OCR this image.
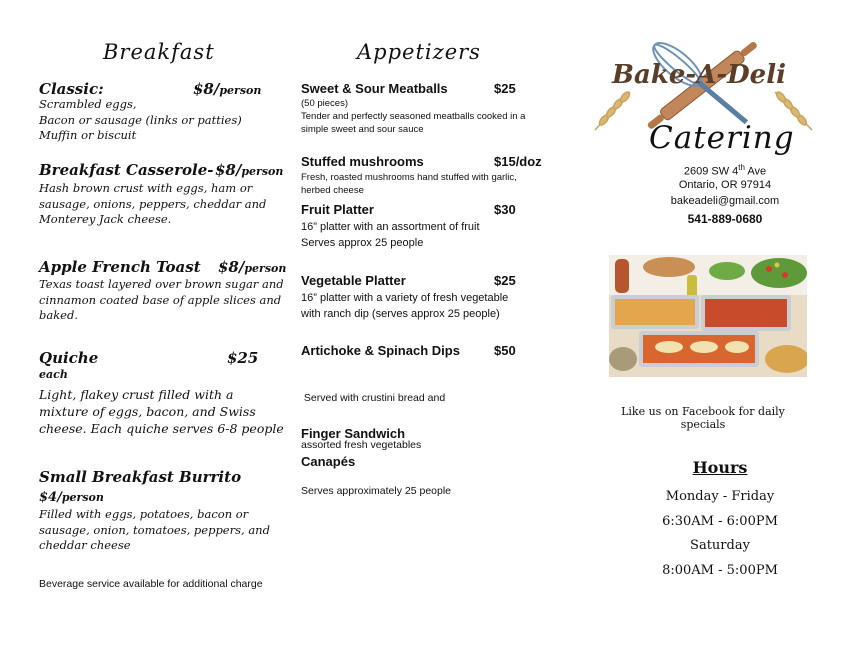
Breakfast
Classic:	$8/person
Scrambled eggs,
Bacon or sausage (links or patties)
Muffin or biscuit
Breakfast Casserole- $8/person
Hash brown crust with eggs, ham or
sausage, onions, peppers, cheddar and
Monterey Jack cheese.
Apple French Toast $8/person
Texas toast layered over brown sugar and
cinnamon coated base of apple slices and
baked.
Quiche	$25
each
Light, flakey crust filled with a
mixture of eggs, bacon, and Swiss
cheese. Each quiche serves 6-8 people
Small Breakfast Burrito
$4/person
Filled with eggs, potatoes, bacon or
sausage, onion, tomatoes, peppers, and
cheddar cheese
Beverage service available for additional charge
Appetizers
Sweet & Sour Meatballs	$25
(50 pieces)
Tender and perfectly seasoned meatballs cooked in a
simple sweet and sour sauce
Stuffed mushrooms	$15/doz
Fresh, roasted mushrooms hand stuffed with garlic,
herbed cheese
Fruit Platter	$30
16” platter with an assortment of fruit
Serves approx 25 people
Vegetable Platter	$25
16” platter with a variety of fresh vegetable
with ranch dip (serves approx 25 people)
Artichoke & Spinach Dips	$50

Served with crustini bread and

assorted fresh vegetables

Serves approximately 25 people

Finger Sandwich
Canapés
Bake-A-Deli
Catering
2609 SW 4th Ave
Ontario, OR 97914
bakeadeli@gmail.com
541-889-0680
Like us on Facebook for daily specials
Hours
Monday - Friday
6:30AM - 6:00PM
Saturday
8:00AM - 5:00PM
